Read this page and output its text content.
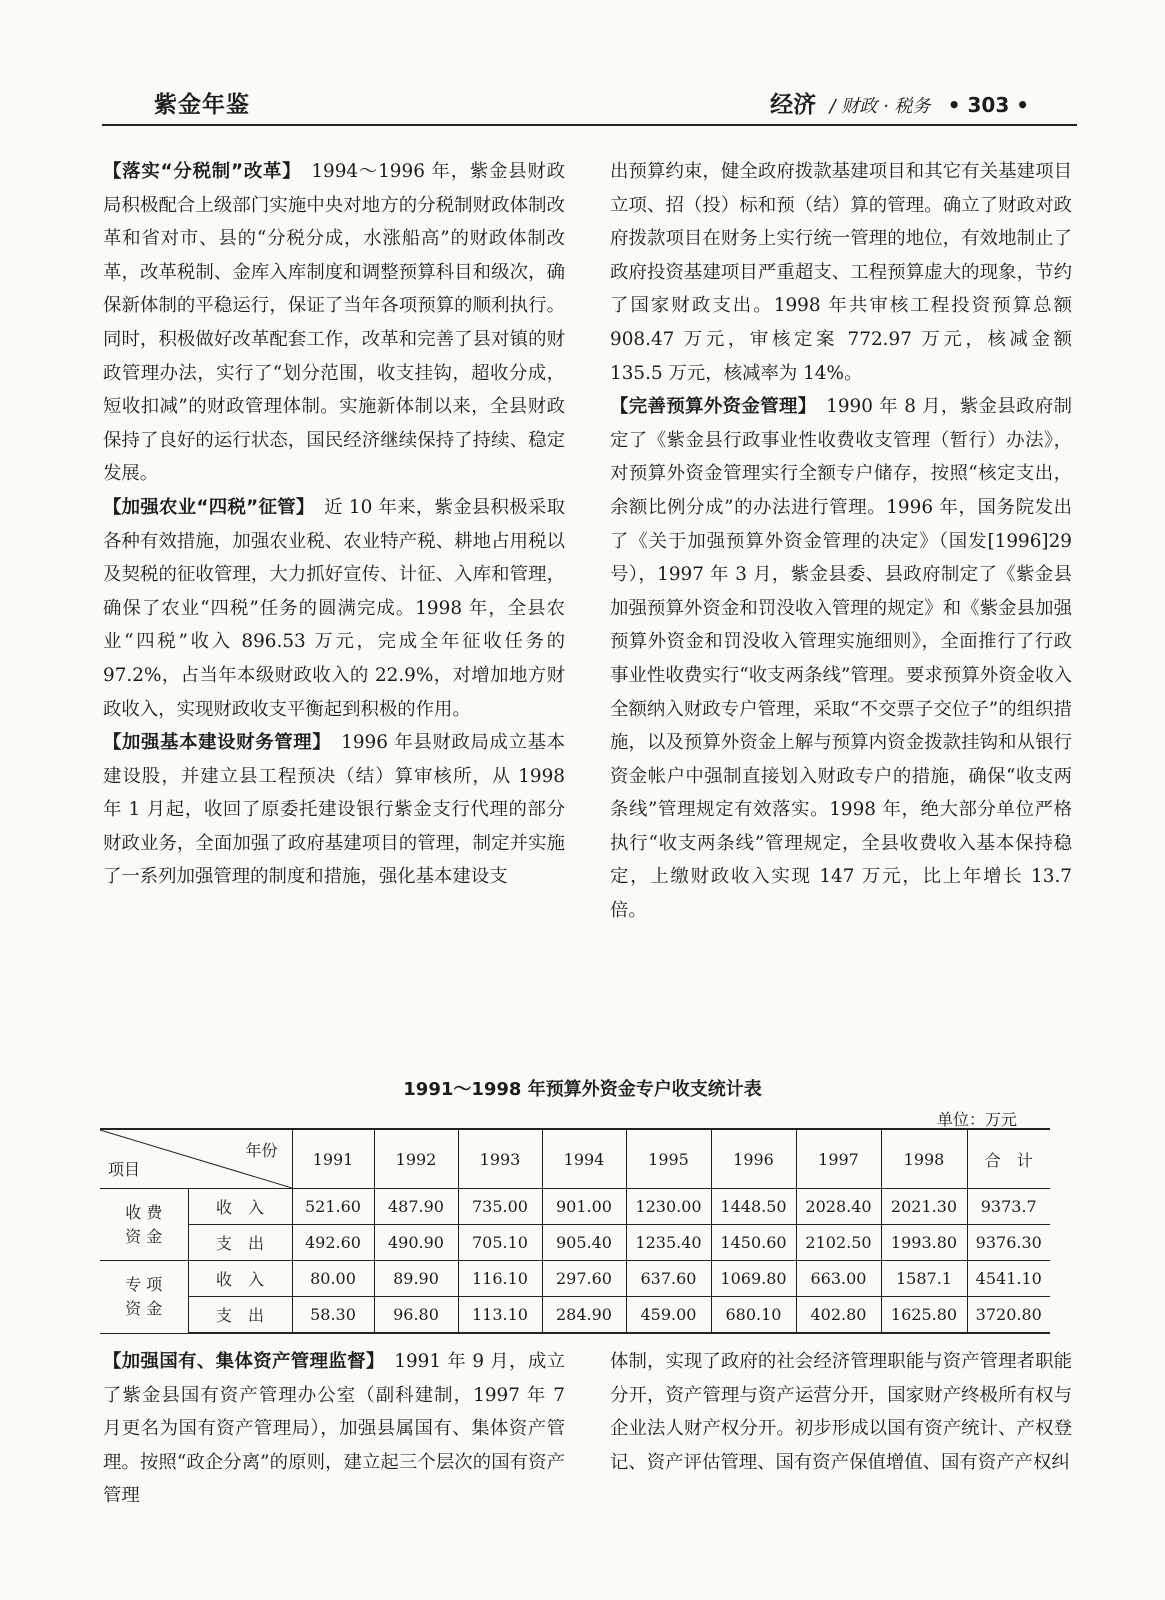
紫金年鉴	经济 / 财政 · 税务 • 303 •

【落实“分税制”改革】　1994～1996 年，紫金县财政局积极配合上级部门实施中央对地方的分税制财政体制改革和省对市、县的“分税分成，水涨船高”的财政体制改革，改革税制、金库入库制度和调整预算科目和级次，确保新体制的平稳运行，保证了当年各项预算的顺利执行。同时，积极做好改革配套工作，改革和完善了县对镇的财政管理办法，实行了“划分范围，收支挂钩，超收分成，短收扣减”的财政管理体制。实施新体制以来，全县财政保持了良好的运行状态，国民经济继续保持了持续、稳定发展。

【加强农业“四税”征管】　近 10 年来，紫金县积极采取各种有效措施，加强农业税、农业特产税、耕地占用税以及契税的征收管理，大力抓好宣传、计征、入库和管理，确保了农业“四税”任务的圆满完成。1998 年，全县农业“四税”收入 896.53 万元，完成全年征收任务的 97.2%，占当年本级财政收入的 22.9%，对增加地方财政收入，实现财政收支平衡起到积极的作用。

【加强基本建设财务管理】　1996 年县财政局成立基本建设股，并建立县工程预决（结）算审核所，从 1998 年 1 月起，收回了原委托建设银行紫金支行代理的部分财政业务，全面加强了政府基建项目的管理，制定并实施了一系列加强管理的制度和措施，强化基本建设支

出预算约束，健全政府拨款基建项目和其它有关基建项目立项、招（投）标和预（结）算的管理。确立了财政对政府拨款项目在财务上实行统一管理的地位，有效地制止了政府投资基建项目严重超支、工程预算虚大的现象，节约了国家财政支出。1998 年共审核工程投资预算总额 908.47 万元，审核定案 772.97 万元，核减金额 135.5 万元，核减率为 14%。

【完善预算外资金管理】　1990 年 8 月，紫金县政府制定了《紫金县行政事业性收费收支管理（暂行）办法》，对预算外资金管理实行全额专户储存，按照“核定支出，余额比例分成”的办法进行管理。1996 年，国务院发出了《关于加强预算外资金管理的决定》（国发[1996]29 号），1997 年 3 月，紫金县委、县政府制定了《紫金县加强预算外资金和罚没收入管理的规定》和《紫金县加强预算外资金和罚没收入管理实施细则》，全面推行了行政事业性收费实行“收支两条线”管理。要求预算外资金收入全额纳入财政专户管理，采取“不交票子交位子”的组织措施，以及预算外资金上解与预算内资金拨款挂钩和从银行资金帐户中强制直接划入财政专户的措施，确保“收支两条线”管理规定有效落实。1998 年，绝大部分单位严格执行“收支两条线”管理规定，全县收费收入基本保持稳定，上缴财政收入实现 147 万元，比上年增长 13.7 倍。

1991～1998 年预算外资金专户收支统计表
单位：万元
年份
项目		1991	1992	1993	1994	1995	1996	1997	1998	合　计
收 费
资 金	收　入	521.60	487.90	735.00	901.00	1230.00	1448.50	2028.40	2021.30	9373.7
	支　出	492.60	490.90	705.10	905.40	1235.40	1450.60	2102.50	1993.80	9376.30
专 项
资 金	收　入	80.00	89.90	116.10	297.60	637.60	1069.80	663.00	1587.1	4541.10
	支　出	58.30	96.80	113.10	284.90	459.00	680.10	402.80	1625.80	3720.80

【加强国有、集体资产管理监督】　1991 年 9 月，成立了紫金县国有资产管理办公室（副科建制，1997 年 7 月更名为国有资产管理局），加强县属国有、集体资产管理。按照“政企分离”的原则，建立起三个层次的国有资产管理

体制，实现了政府的社会经济管理职能与资产管理者职能分开，资产管理与资产运营分开，国家财产终极所有权与企业法人财产权分开。初步形成以国有资产统计、产权登记、资产评估管理、国有资产保值增值、国有资产产权纠
